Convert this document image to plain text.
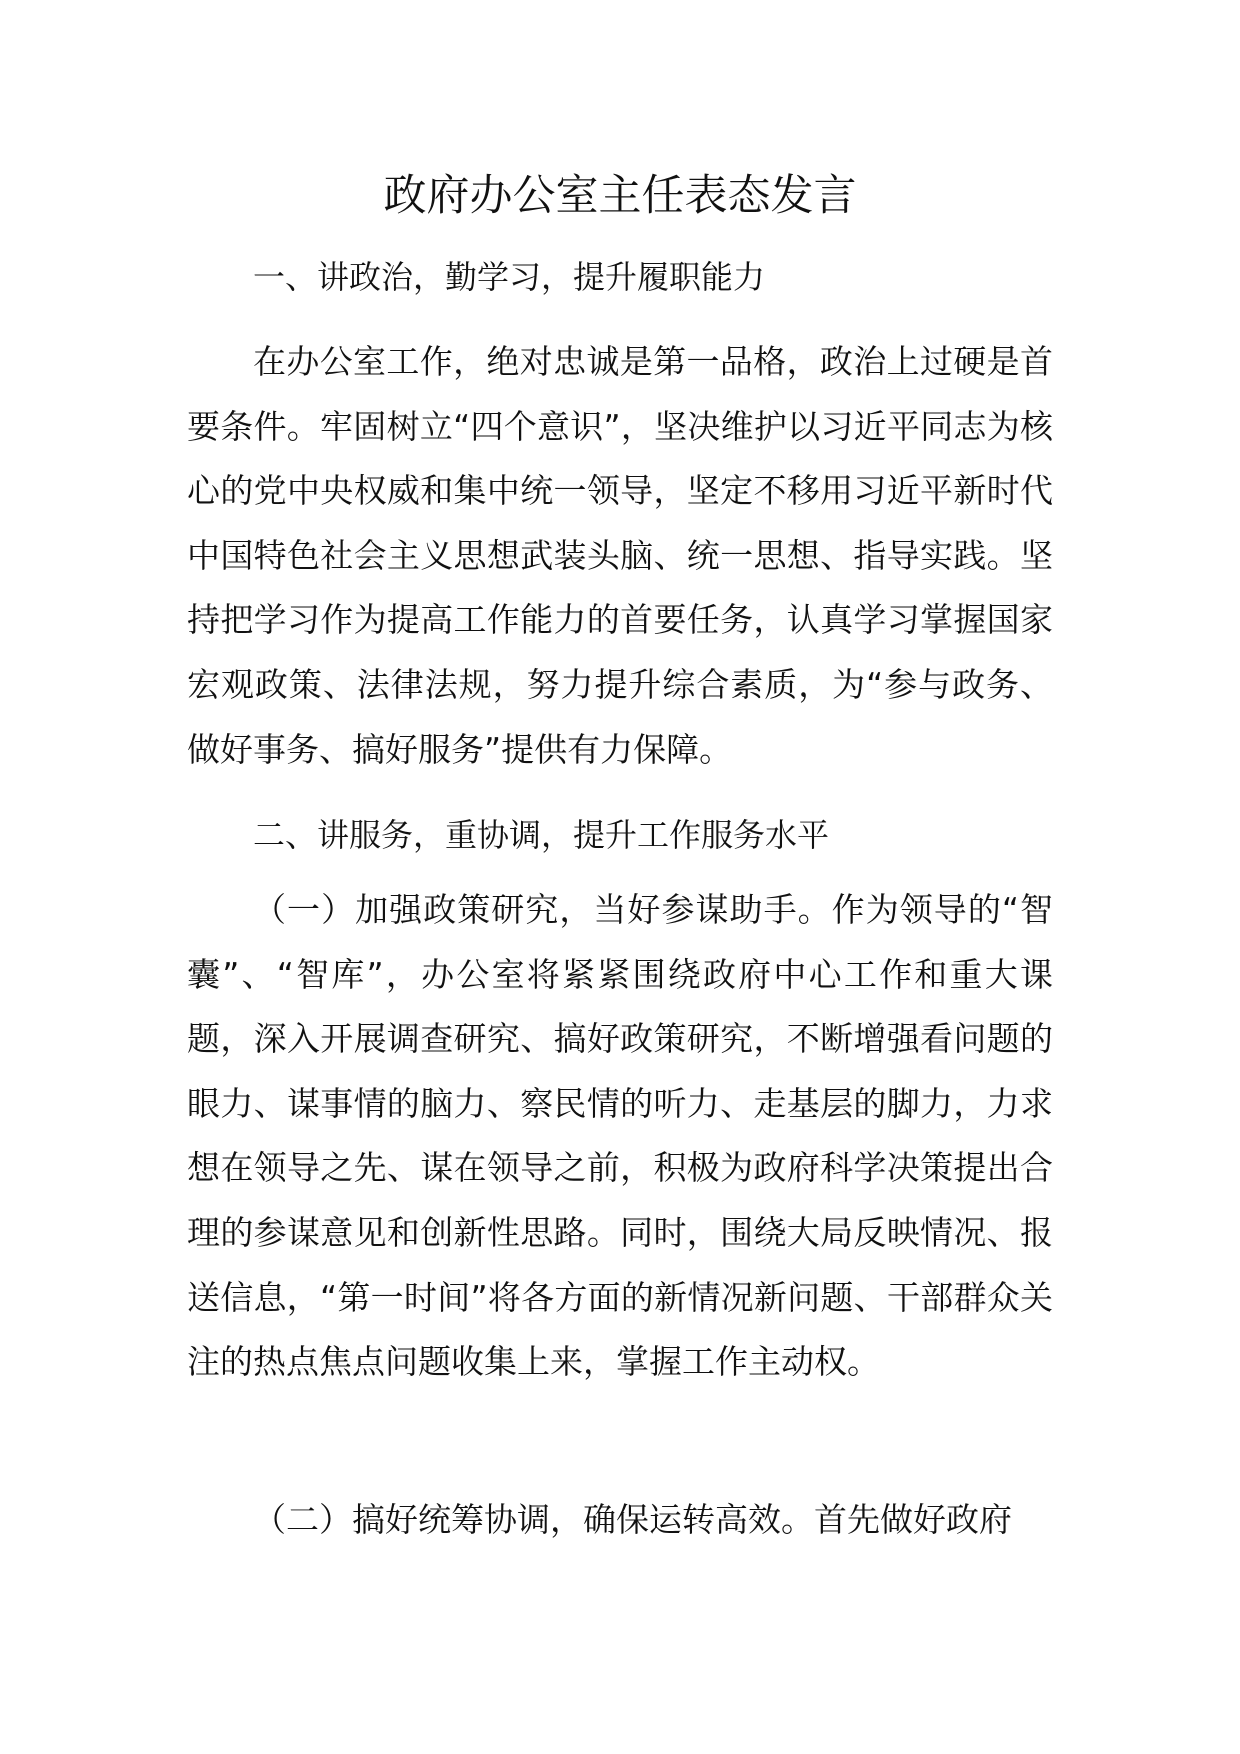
政府办公室主任表态发言

一、讲政治，勤学习，提升履职能力

在办公室工作，绝对忠诚是第一品格，政治上过硬是首要条件。牢固树立“四个意识”，坚决维护以习近平同志为核心的党中央权威和集中统一领导，坚定不移用习近平新时代中国特色社会主义思想武装头脑、统一思想、指导实践。坚持把学习作为提高工作能力的首要任务，认真学习掌握国家宏观政策、法律法规，努力提升综合素质，为“参与政务、做好事务、搞好服务”提供有力保障。

二、讲服务，重协调，提升工作服务水平

（一）加强政策研究，当好参谋助手。作为领导的“智囊”、“智库”，办公室将紧紧围绕政府中心工作和重大课题，深入开展调查研究、搞好政策研究，不断增强看问题的眼力、谋事情的脑力、察民情的听力、走基层的脚力，力求想在领导之先、谋在领导之前，积极为政府科学决策提出合理的参谋意见和创新性思路。同时，围绕大局反映情况、报送信息，“第一时间”将各方面的新情况新问题、干部群众关注的热点焦点问题收集上来，掌握工作主动权。

（二）搞好统筹协调，确保运转高效。首先做好政府
